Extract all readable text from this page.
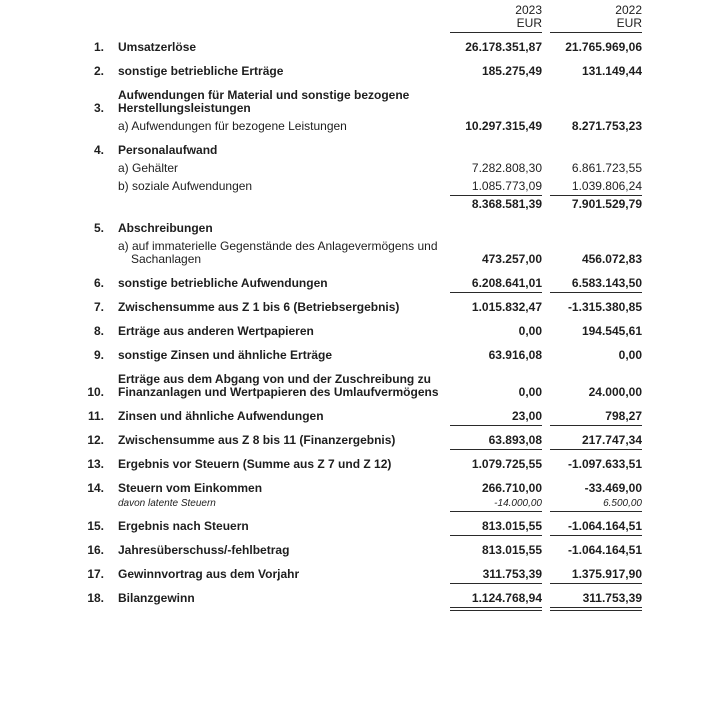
2023
EUR
2022
EUR
1. Umsatzerlöse	26.178.351,87	21.765.969,06
2. sonstige betriebliche Erträge	185.275,49	131.149,44
3.
Aufwendungen für Material und sonstige bezogene
Herstellungsleistungen
a) Aufwendungen für bezogene Leistungen	10.297.315,49	8.271.753,23
4. Personalaufwand
a) Gehälter	7.282.808,30	6.861.723,55
b) soziale Aufwendungen	1.085.773,09	1.039.806,24
8.368.581,39	7.901.529,79
5. Abschreibungen
a) auf immaterielle Gegenstände des Anlagevermögens und
Sachanlagen	473.257,00	456.072,83
6. sonstige betriebliche Aufwendungen	6.208.641,01	6.583.143,50
7. Zwischensumme aus Z 1 bis 6 (Betriebsergebnis)	1.015.832,47	-1.315.380,85
8. Erträge aus anderen Wertpapieren	0,00	194.545,61
9. sonstige Zinsen und ähnliche Erträge	63.916,08	0,00
10.
Erträge aus dem Abgang von und der Zuschreibung zu
Finanzanlagen und Wertpapieren des Umlaufvermögens	0,00	24.000,00
11. Zinsen und ähnliche Aufwendungen	23,00	798,27
12. Zwischensumme aus Z 8 bis 11 (Finanzergebnis)	63.893,08	217.747,34
13. Ergebnis vor Steuern (Summe aus Z 7 und Z 12)	1.079.725,55	-1.097.633,51
14. Steuern vom Einkommen	266.710,00	-33.469,00
davon latente Steuern	-14.000,00	6.500,00
15. Ergebnis nach Steuern	813.015,55	-1.064.164,51
16. Jahresüberschuss/-fehlbetrag	813.015,55	-1.064.164,51
17. Gewinnvortrag aus dem Vorjahr	311.753,39	1.375.917,90
18. Bilanzgewinn	1.124.768,94	311.753,39
